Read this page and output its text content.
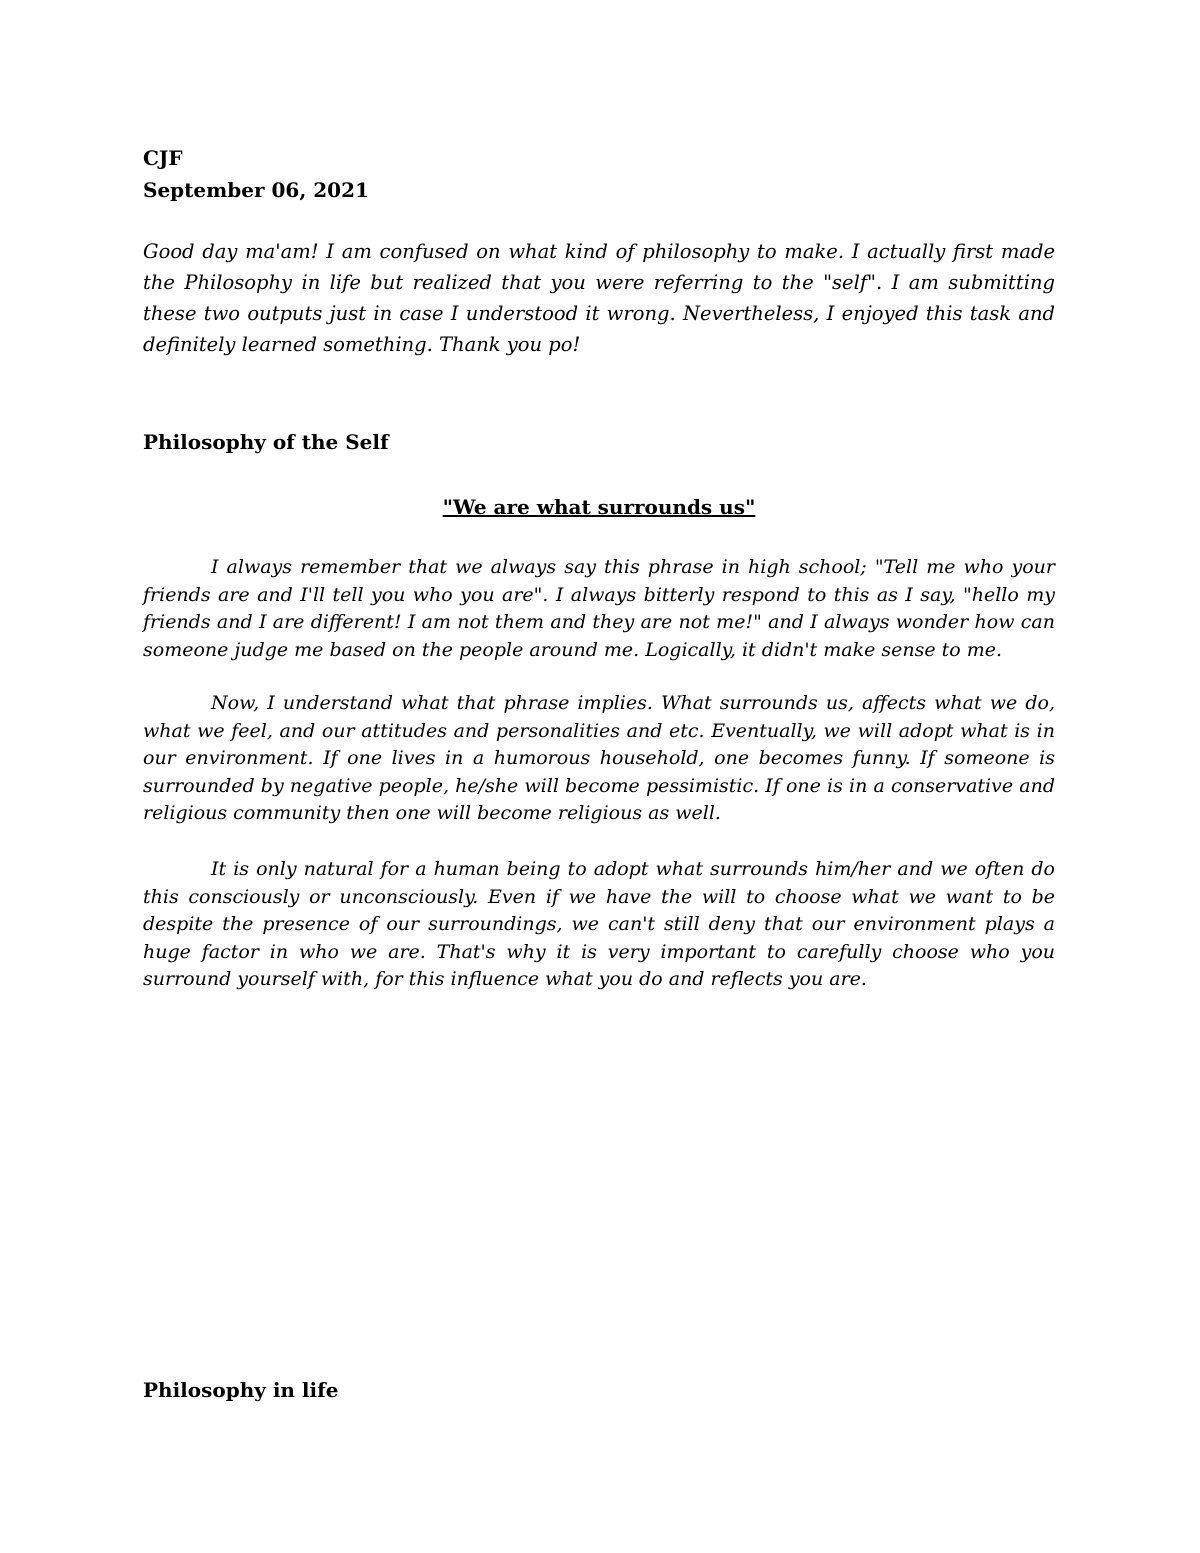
CJF
September 06, 2021

Good day ma'am! I am confused on what kind of philosophy to make. I actually first made the Philosophy in life but realized that you were referring to the "self". I am submitting these two outputs just in case I understood it wrong. Nevertheless, I enjoyed this task and definitely learned something. Thank you po!

Philosophy of the Self
"We are what surrounds us"

I always remember that we always say this phrase in high school; "Tell me who your friends are and I'll tell you who you are". I always bitterly respond to this as I say, "hello my friends and I are different! I am not them and they are not me!" and I always wonder how can someone judge me based on the people around me. Logically, it didn't make sense to me.

Now, I understand what that phrase implies. What surrounds us, affects what we do, what we feel, and our attitudes and personalities and etc. Eventually, we will adopt what is in our environment. If one lives in a humorous household, one becomes funny. If someone is surrounded by negative people, he/she will become pessimistic. If one is in a conservative and religious community then one will become religious as well.

It is only natural for a human being to adopt what surrounds him/her and we often do this consciously or unconsciously. Even if we have the will to choose what we want to be despite the presence of our surroundings, we can't still deny that our environment plays a huge factor in who we are. That's why it is very important to carefully choose who you surround yourself with, for this influence what you do and reflects you are.

Philosophy in life
